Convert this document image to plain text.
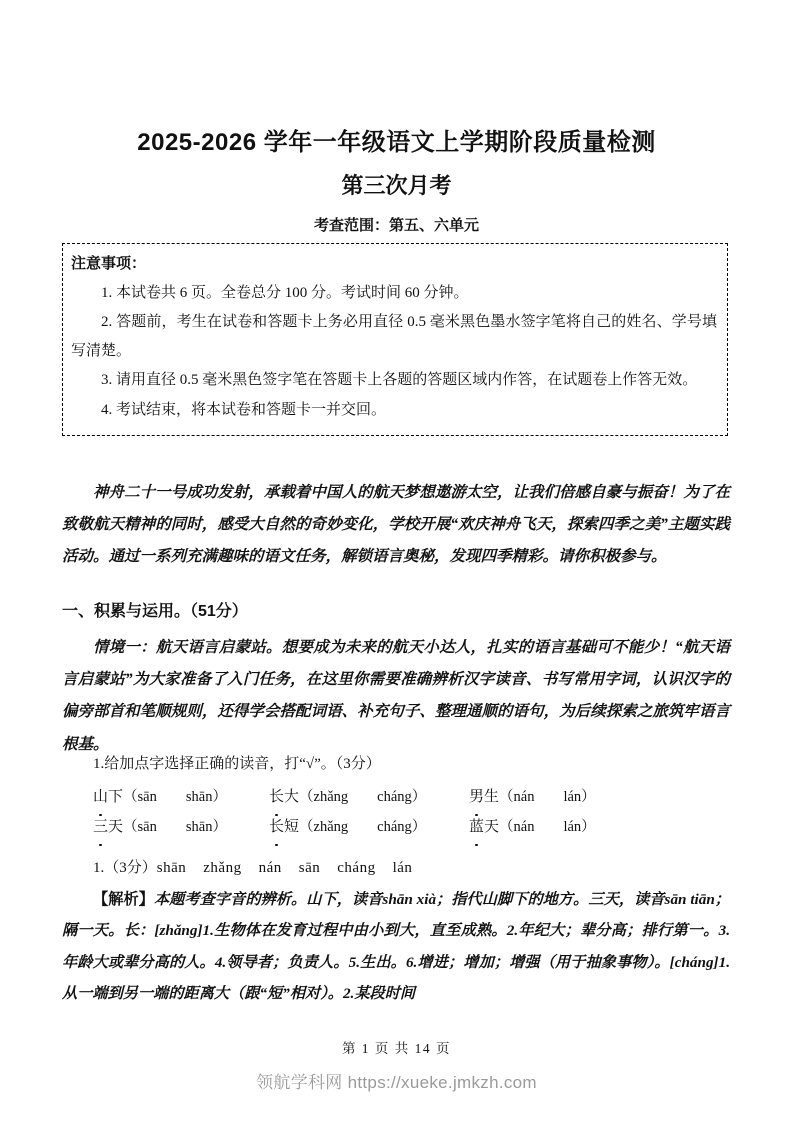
2025-2026 学年一年级语文上学期阶段质量检测
第三次月考
考查范围：第五、六单元
注意事项：

1. 本试卷共 6 页。全卷总分 100 分。考试时间 60 分钟。

2. 答题前，考生在试卷和答题卡上务必用直径 0.5 毫米黑色墨水签字笔将自己的姓名、学号填写清楚。

3. 请用直径 0.5 毫米黑色签字笔在答题卡上各题的答题区域内作答，在试题卷上作答无效。

4. 考试结束，将本试卷和答题卡一并交回。

神舟二十一号成功发射，承载着中国人的航天梦想遨游太空，让我们倍感自豪与振奋！为了在致敬航天精神的同时，感受大自然的奇妙变化，学校开展“欢庆神舟飞天，探索四季之美”主题实践活动。通过一系列充满趣味的语文任务，解锁语言奥秘，发现四季精彩。请你积极参与。

一、积累与运用。（51分）

情境一：航天语言启蒙站。想要成为未来的航天小达人，扎实的语言基础可不能少！“航天语言启蒙站”为大家准备了入门任务，在这里你需要准确辨析汉字读音、书写常用字词，认识汉字的偏旁部首和笔顺规则，还得学会搭配词语、补充句子、整理通顺的语句，为后续探索之旅筑牢语言根基。

1.给加点字选择正确的读音，打“√”。（3分）

山下（sān　　shān）	长大（zhǎng　　cháng）	男生（nán　　lán）
三天（sān　　shān）	长短（zhǎng　　cháng）	蓝天（nán　　lán）

1.（3分）shān zhǎng nán sān cháng lán

【解析】本题考查字音的辨析。山下，读音shān xià；指代山脚下的地方。三天，读音sān tiān；隔一天。长：[zhǎng]1.生物体在发育过程中由小到大，直至成熟。2.年纪大；辈分高；排行第一。3.年龄大或辈分高的人。4.领导者；负责人。5.生出。6.增进；增加；增强（用于抽象事物）。[cháng]1.从一端到另一端的距离大（跟“短”相对）。2.某段时间

第 1 页 共 14 页
领航学科网 https://xueke.jmkzh.com
